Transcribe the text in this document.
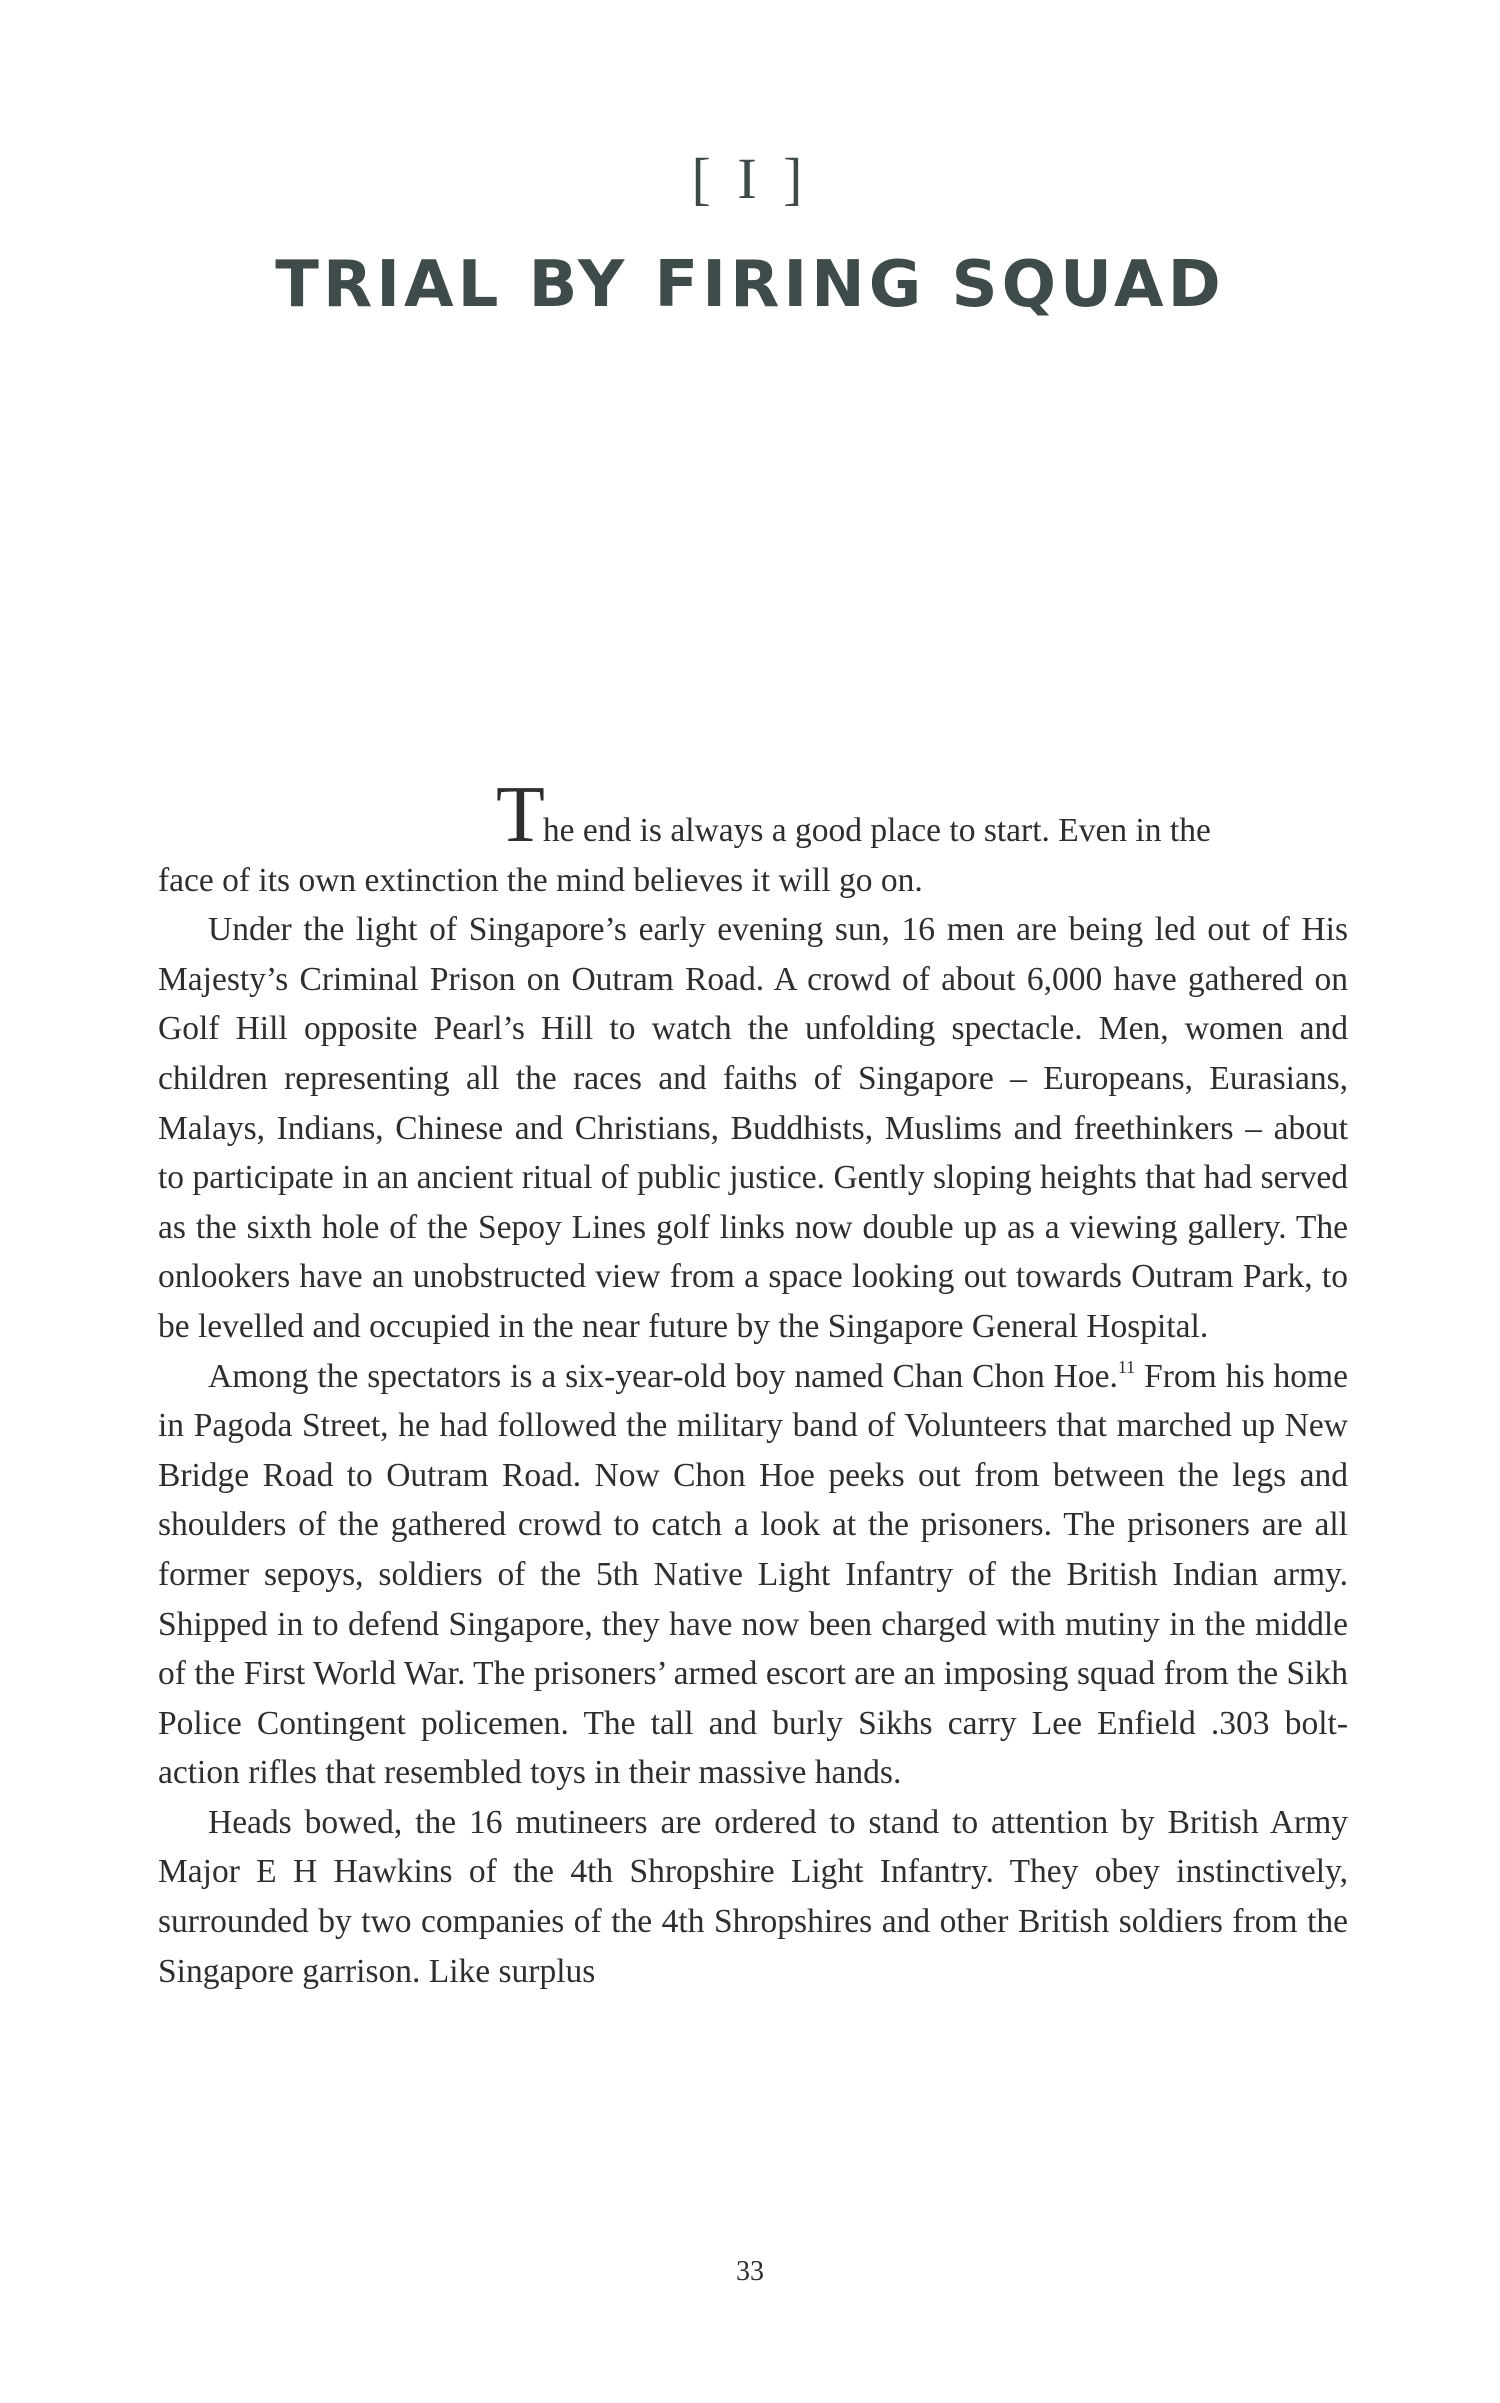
[ I ]
TRIAL BY FIRING SQUAD

The end is always a good place to start. Even in the
face of its own extinction the mind believes it will go on.

Under the light of Singapore’s early evening sun, 16 men are being led out of His Majesty’s Criminal Prison on Outram Road. A crowd of about 6,000 have gathered on Golf Hill opposite Pearl’s Hill to watch the unfolding spectacle. Men, women and children representing all the races and faiths of Singapore – Europeans, Eurasians, Malays, Indians, Chinese and Christians, Buddhists, Muslims and freethinkers – about to participate in an ancient ritual of public justice. Gently sloping heights that had served as the sixth hole of the Sepoy Lines golf links now double up as a viewing gallery. The onlookers have an unobstructed view from a space looking out towards Outram Park, to be levelled and occupied in the near future by the Singapore General Hospital.

Among the spectators is a six-year-old boy named Chan Chon Hoe.$^{11}$ From his home in Pagoda Street, he had followed the military band of Volunteers that marched up New Bridge Road to Outram Road. Now Chon Hoe peeks out from between the legs and shoulders of the gathered crowd to catch a look at the prisoners. The prisoners are all former sepoys, soldiers of the 5th Native Light Infantry of the British Indian army. Shipped in to defend Singapore, they have now been charged with mutiny in the middle of the First World War. The prisoners’ armed escort are an imposing squad from the Sikh Police Contingent policemen. The tall and burly Sikhs carry Lee Enfield .303 bolt-action rifles that resembled toys in their massive hands.

Heads bowed, the 16 mutineers are ordered to stand to attention by British Army Major E H Hawkins of the 4th Shropshire Light Infantry. They obey instinctively, surrounded by two companies of the 4th Shropshires and other British soldiers from the Singapore garrison. Like surplus

33
